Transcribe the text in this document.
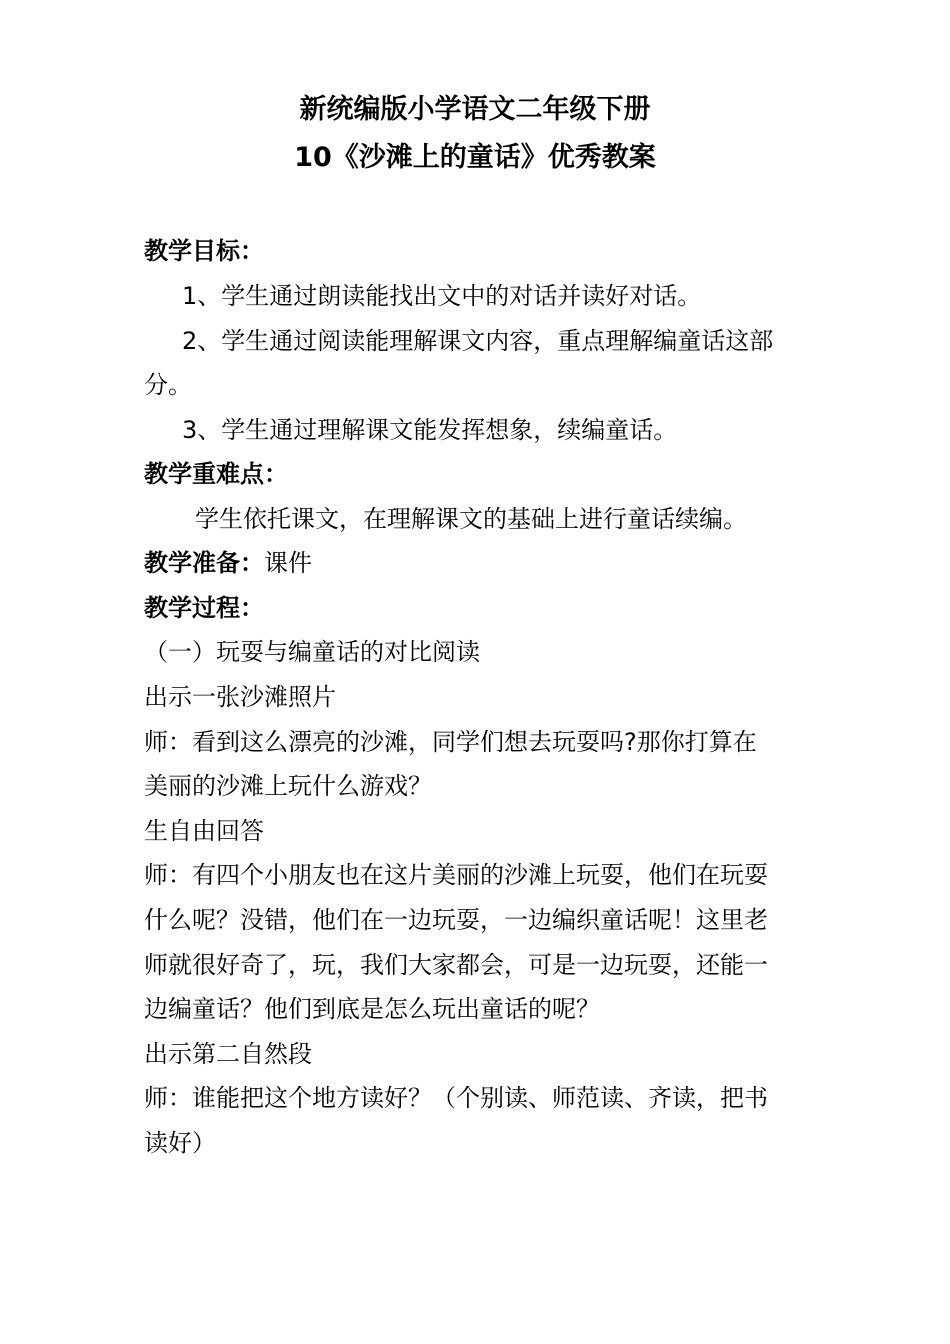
新统编版小学语文二年级下册
10《沙滩上的童话》优秀教案
教学目标：
1、学生通过朗读能找出文中的对话并读好对话。
2、学生通过阅读能理解课文内容，重点理解编童话这部
分。
3、学生通过理解课文能发挥想象，续编童话。
教学重难点：
学生依托课文，在理解课文的基础上进行童话续编。
教学准备：课件
教学过程：
（一）玩耍与编童话的对比阅读
出示一张沙滩照片
师：看到这么漂亮的沙滩，同学们想去玩耍吗?那你打算在
美丽的沙滩上玩什么游戏？
生自由回答
师：有四个小朋友也在这片美丽的沙滩上玩耍，他们在玩耍
什么呢？没错，他们在一边玩耍，一边编织童话呢！这里老
师就很好奇了，玩，我们大家都会，可是一边玩耍，还能一
边编童话？他们到底是怎么玩出童话的呢？
出示第二自然段
师：谁能把这个地方读好？（个别读、师范读、齐读，把书
读好）
